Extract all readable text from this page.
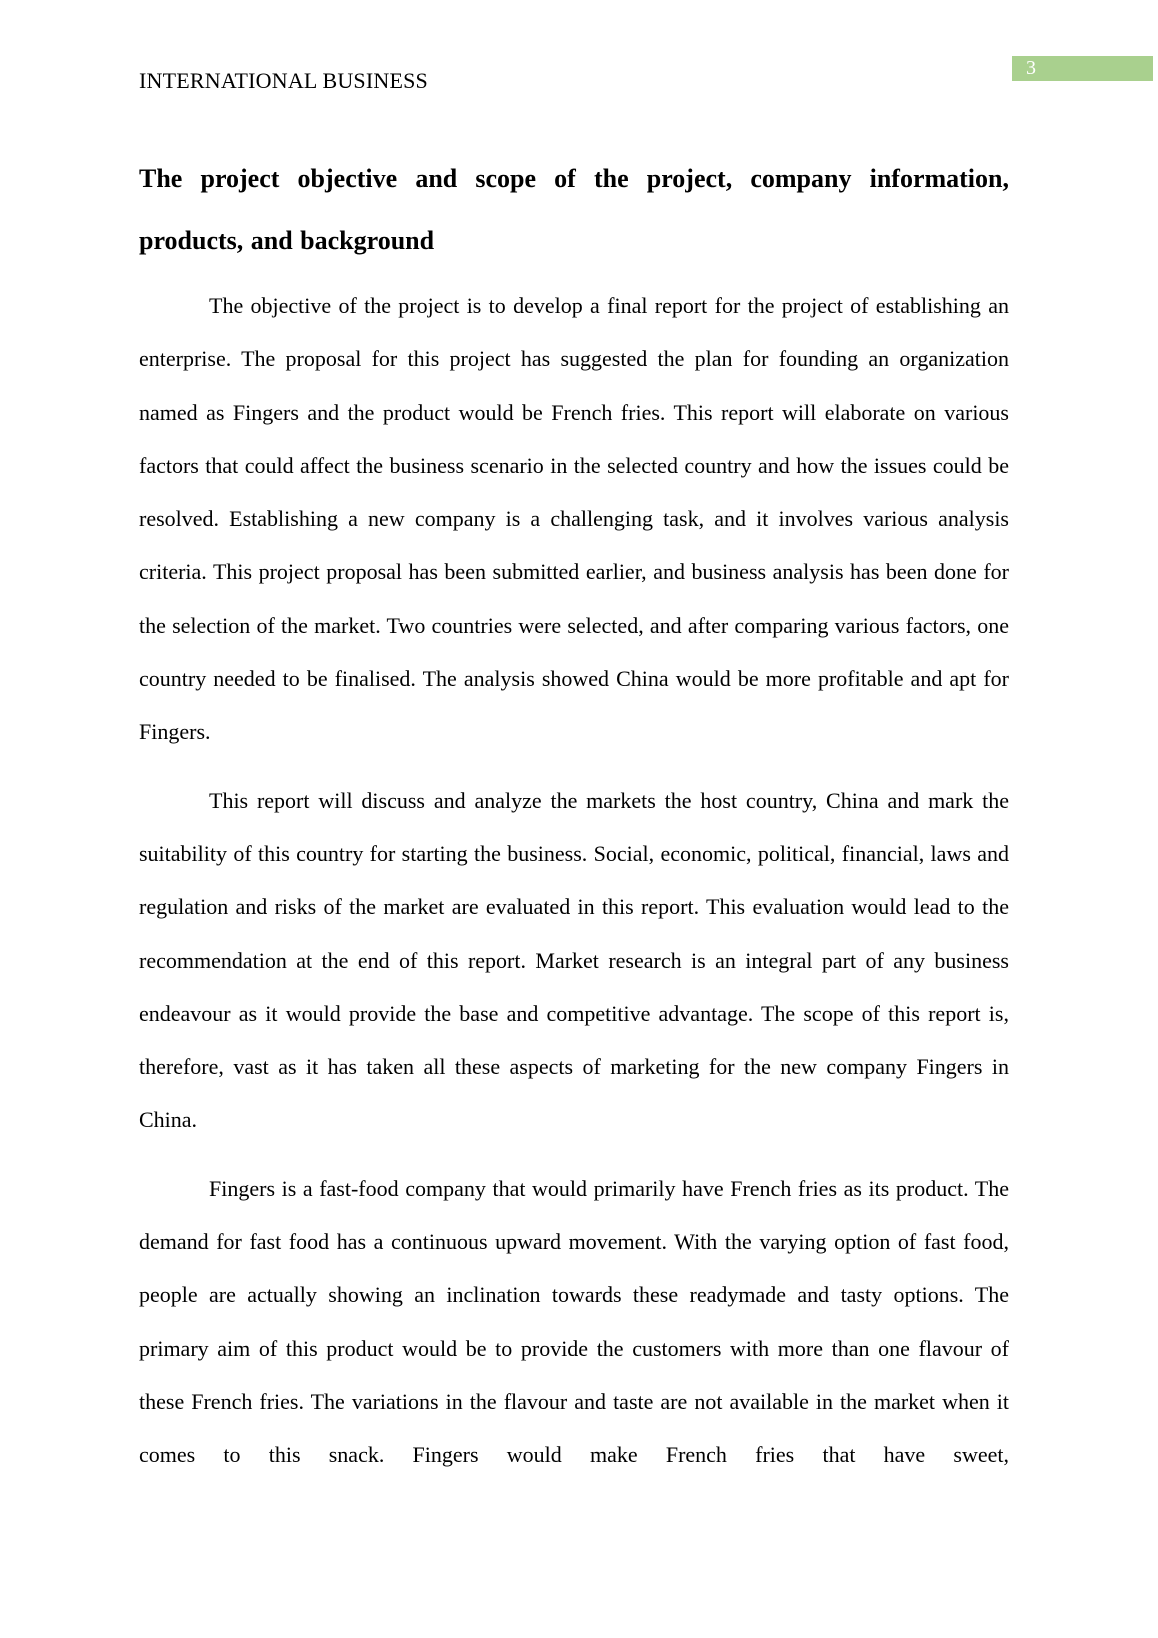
INTERNATIONAL BUSINESS	3
The project objective and scope of the project, company information, products, and background

The objective of the project is to develop a final report for the project of establishing an enterprise. The proposal for this project has suggested the plan for founding an organization named as Fingers and the product would be French fries. This report will elaborate on various factors that could affect the business scenario in the selected country and how the issues could be resolved. Establishing a new company is a challenging task, and it involves various analysis criteria. This project proposal has been submitted earlier, and business analysis has been done for the selection of the market. Two countries were selected, and after comparing various factors, one country needed to be finalised. The analysis showed China would be more profitable and apt for Fingers.

This report will discuss and analyze the markets the host country, China and mark the suitability of this country for starting the business. Social, economic, political, financial, laws and regulation and risks of the market are evaluated in this report. This evaluation would lead to the recommendation at the end of this report. Market research is an integral part of any business endeavour as it would provide the base and competitive advantage. The scope of this report is, therefore, vast as it has taken all these aspects of marketing for the new company Fingers in China.

Fingers is a fast-food company that would primarily have French fries as its product. The demand for fast food has a continuous upward movement. With the varying option of fast food, people are actually showing an inclination towards these readymade and tasty options. The primary aim of this product would be to provide the customers with more than one flavour of these French fries. The variations in the flavour and taste are not available in the market when it comes to this snack. Fingers would make French fries that have sweet,
